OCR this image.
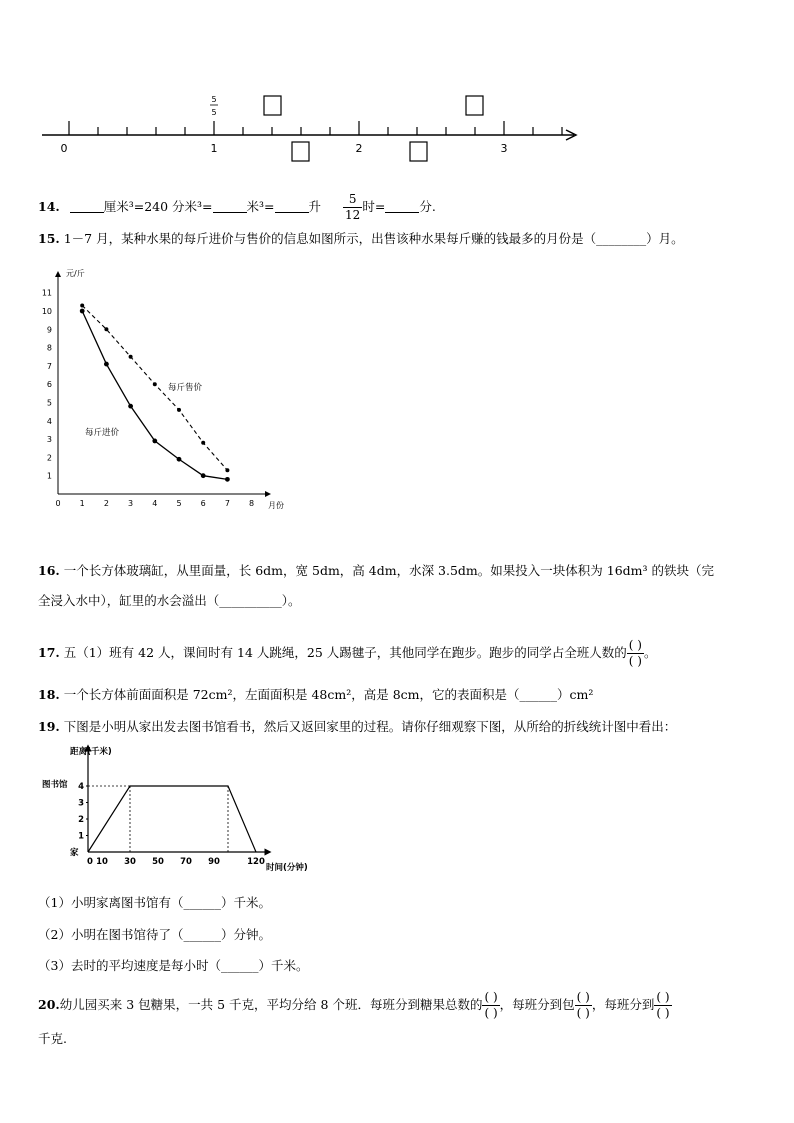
5
5
0	1	2	3
14.	厘米³=240 分米³=	米³=	升 $\frac{5}{12}$ 时=	分.
15. 1－7 月，某种水果的每斤进价与售价的信息如图所示，出售该种水果每斤赚的钱最多的月份是（________）月。
元/斤
月份
1
2
3
4
5
6
7
8
9
10
11
0 1 2 3 4 5 6 7 8
每斤售价
每斤进价
16. 一个长方体玻璃缸，从里面量，长 6dm，宽 5dm，高 4dm，水深 3.5dm。如果投入一块体积为 16dm³ 的铁块（完
全浸入水中），缸里的水会溢出（__________）。
17. 五（1）班有 42 人，课间时有 14 人跳绳，25 人踢毽子，其他同学在跑步。跑步的同学占全班人数的 $\frac{( )}{( )}$ 。
18. 一个长方体前面面积是 72cm²，左面面积是 48cm²，高是 8cm，它的表面积是（______）cm²
19. 下图是小明从家出发去图书馆看书，然后又返回家里的过程。请你仔细观察下图，从所给的折线统计图中看出：
距离(千米)
时间(分钟)
图书馆
家
1
2
3
4
0 10 30 50 70 90	120
（1）小明家离图书馆有（______）千米。
（2）小明在图书馆待了（______）分钟。
（3）去时的平均速度是每小时（______）千米。
20.幼儿园买来 3 包糖果，一共 5 千克，平均分给 8 个班．每班分到糖果总数的 $\frac{( )}{( )}$ ，每班分到包 $\frac{( )}{( )}$ ，每班分到 $\frac{( )}{( )}$
千克.
